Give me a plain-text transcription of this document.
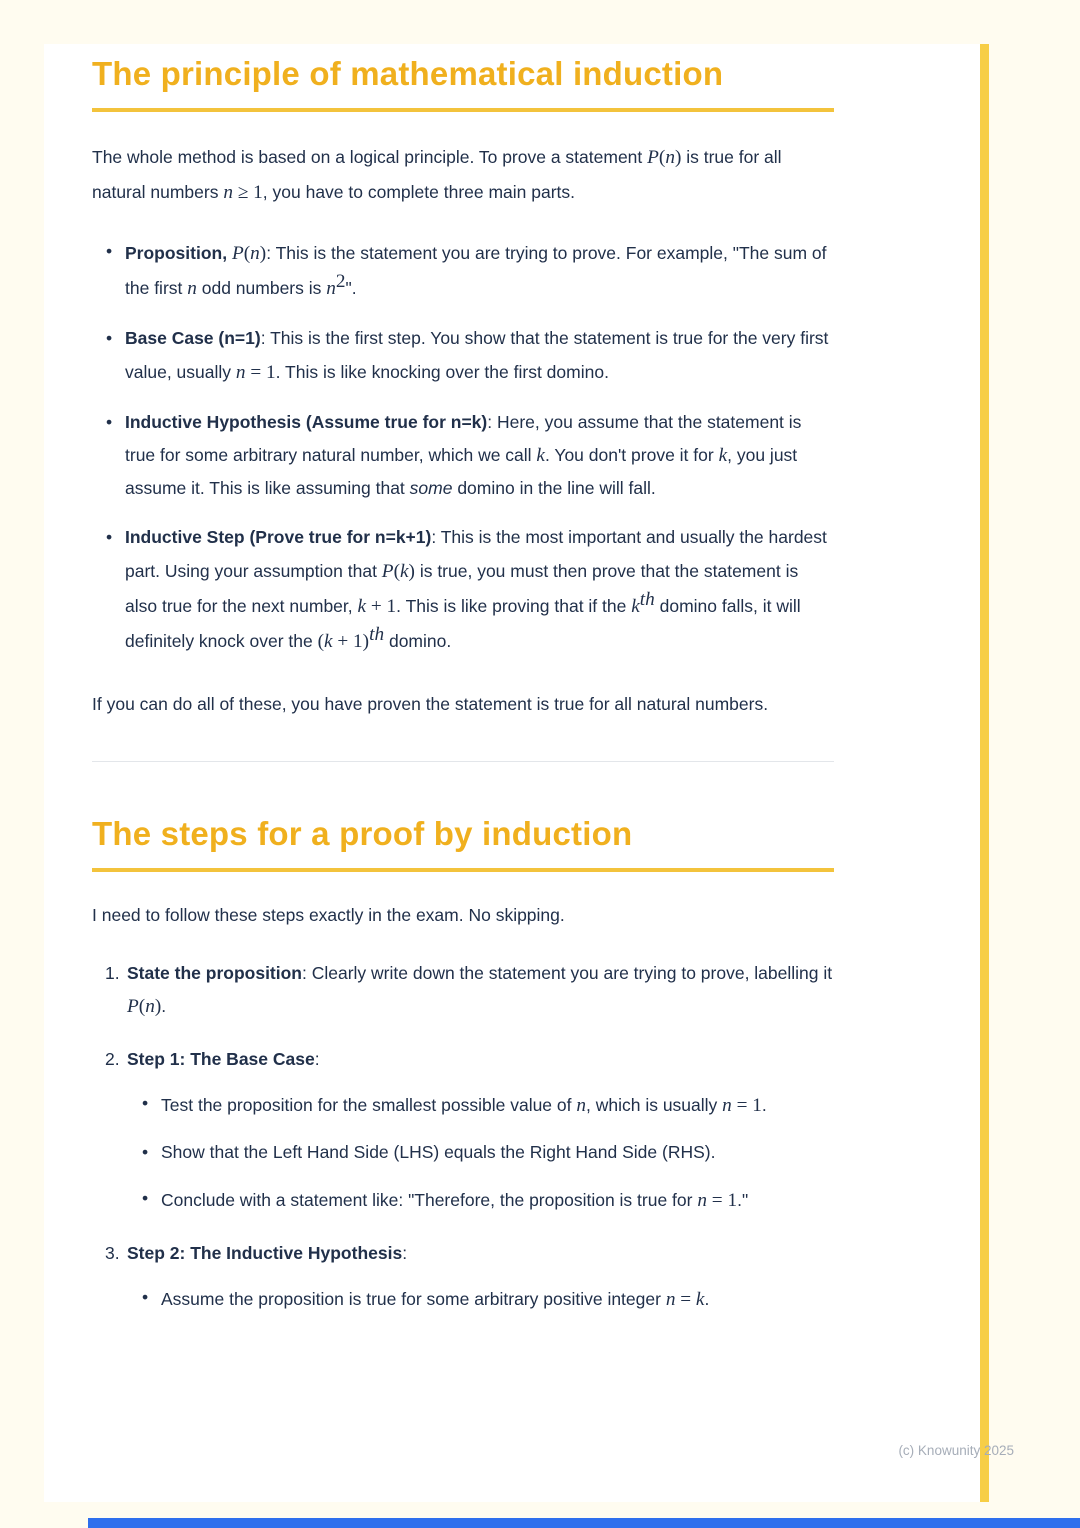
The principle of mathematical induction

The whole method is based on a logical principle. To prove a statement P(n) is true for all natural numbers n ≥ 1, you have to complete three main parts.

• Proposition, P(n): This is the statement you are trying to prove. For example, "The sum of the first n odd numbers is $n^2$".
• Base Case (n=1): This is the first step. You show that the statement is true for the very first value, usually n = 1. This is like knocking over the first domino.
• Inductive Hypothesis (Assume true for n=k): Here, you assume that the statement is true for some arbitrary natural number, which we call k. You don't prove it for k, you just assume it. This is like assuming that some domino in the line will fall.
• Inductive Step (Prove true for n=k+1): This is the most important and usually the hardest part. Using your assumption that P(k) is true, you must then prove that the statement is also true for the next number, k + 1. This is like proving that if the $k^{th}$ domino falls, it will definitely knock over the $(k + 1)^{th}$ domino.

If you can do all of these, you have proven the statement is true for all natural numbers.

The steps for a proof by induction

I need to follow these steps exactly in the exam. No skipping.

State the proposition: Clearly write down the statement you are trying to prove, labelling it P(n).
Step 1: The Base Case:
• Test the proposition for the smallest possible value of n, which is usually n = 1.
• Show that the Left Hand Side (LHS) equals the Right Hand Side (RHS).
• Conclude with a statement like: "Therefore, the proposition is true for n = 1."
Step 2: The Inductive Hypothesis:
• Assume the proposition is true for some arbitrary positive integer n = k.
(c) Knowunity 2025
